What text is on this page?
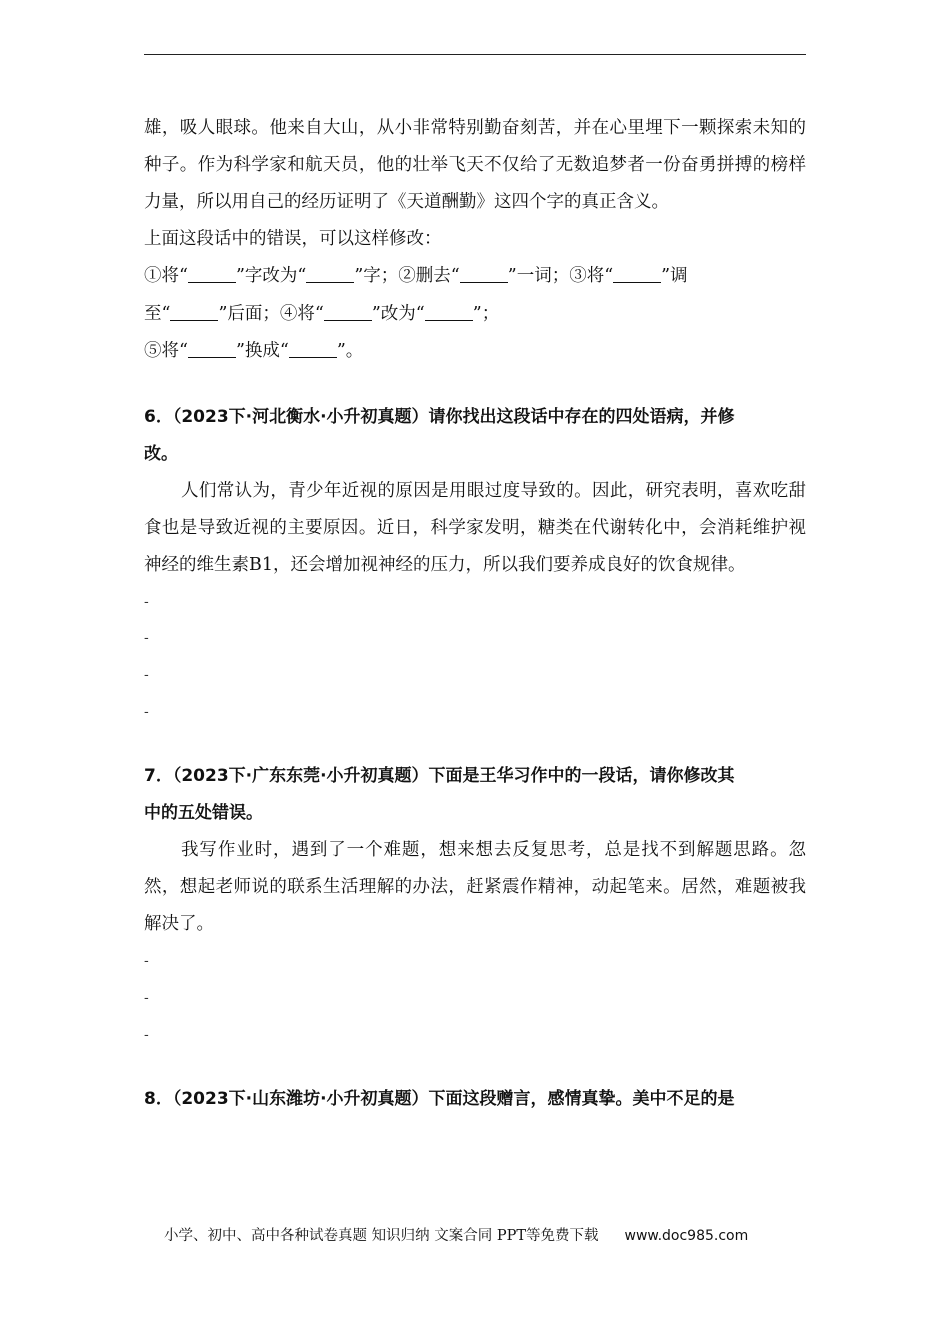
雄，吸人眼球。他来自大山，从小非常特别勤奋刻苦，并在心里埋下一颗探索未知的种子。作为科学家和航天员，他的壮举飞天不仅给了无数追梦者一份奋勇拼搏的榜样力量，所以用自己的经历证明了《天道酬勤》这四个字的真正含义。

上面这段话中的错误，可以这样修改：

①将“	”字改为“	”字；②删去“	”一词；③将“	”调

至“	”后面；④将“	”改为“	”；

⑤将“	”换成“	”。

6．（2023下·河北衡水·小升初真题）请你找出这段话中存在的四处语病，并修
改。

人们常认为，青少年近视的原因是用眼过度导致的。因此，研究表明，喜欢吃甜食也是导致近视的主要原因。近日，科学家发明，糖类在代谢转化中，会消耗维护视神经的维生素B1，还会增加视神经的压力，所以我们要养成良好的饮食规律。

-

-

-

-

7．（2023下·广东东莞·小升初真题）下面是王华习作中的一段话，请你修改其
中的五处错误。

我写作业时，遇到了一个难题，想来想去反复思考，总是找不到解题思路。忽然，想起老师说的联系生活理解的办法，赶紧震作精神，动起笔来。居然，难题被我解决了。

-

-

-

8．（2023下·山东潍坊·小升初真题）下面这段赠言，感情真挚。美中不足的是

小学、初中、高中各种试卷真题 知识归纳 文案合同 PPT等免费下载 www.doc985.com
